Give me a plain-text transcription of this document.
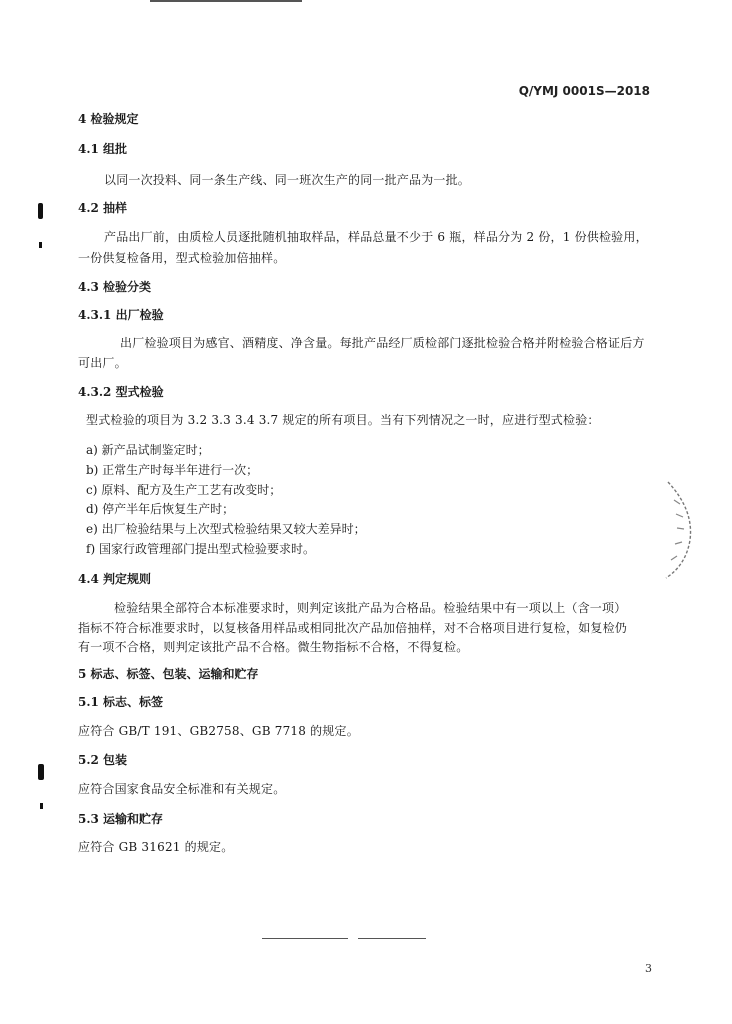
Q/YMJ 0001S—2018
4 检验规定
4.1 组批
以同一次投料、同一条生产线、同一班次生产的同一批产品为一批。
4.2 抽样
产品出厂前，由质检人员逐批随机抽取样品，样品总量不少于 6 瓶，样品分为 2 份，1 份供检验用，
一份供复检备用，型式检验加倍抽样。
4.3 检验分类
4.3.1 出厂检验
出厂检验项目为感官、酒精度、净含量。每批产品经厂质检部门逐批检验合格并附检验合格证后方
可出厂。
4.3.2 型式检验
型式检验的项目为 3.2 3.3 3.4 3.7 规定的所有项目。当有下列情况之一时，应进行型式检验：
a) 新产品试制鉴定时；
b) 正常生产时每半年进行一次；
c) 原料、配方及生产工艺有改变时；
d) 停产半年后恢复生产时；
e) 出厂检验结果与上次型式检验结果又较大差异时；
f) 国家行政管理部门提出型式检验要求时。
4.4 判定规则
检验结果全部符合本标准要求时，则判定该批产品为合格品。检验结果中有一项以上（含一项）
指标不符合标准要求时，以复核备用样品或相同批次产品加倍抽样，对不合格项目进行复检，如复检仍
有一项不合格，则判定该批产品不合格。微生物指标不合格，不得复检。
5 标志、标签、包装、运输和贮存
5.1 标志、标签
应符合 GB/T 191、GB2758、GB 7718 的规定。
5.2 包装
应符合国家食品安全标准和有关规定。
5.3 运输和贮存
应符合 GB 31621 的规定。
3
